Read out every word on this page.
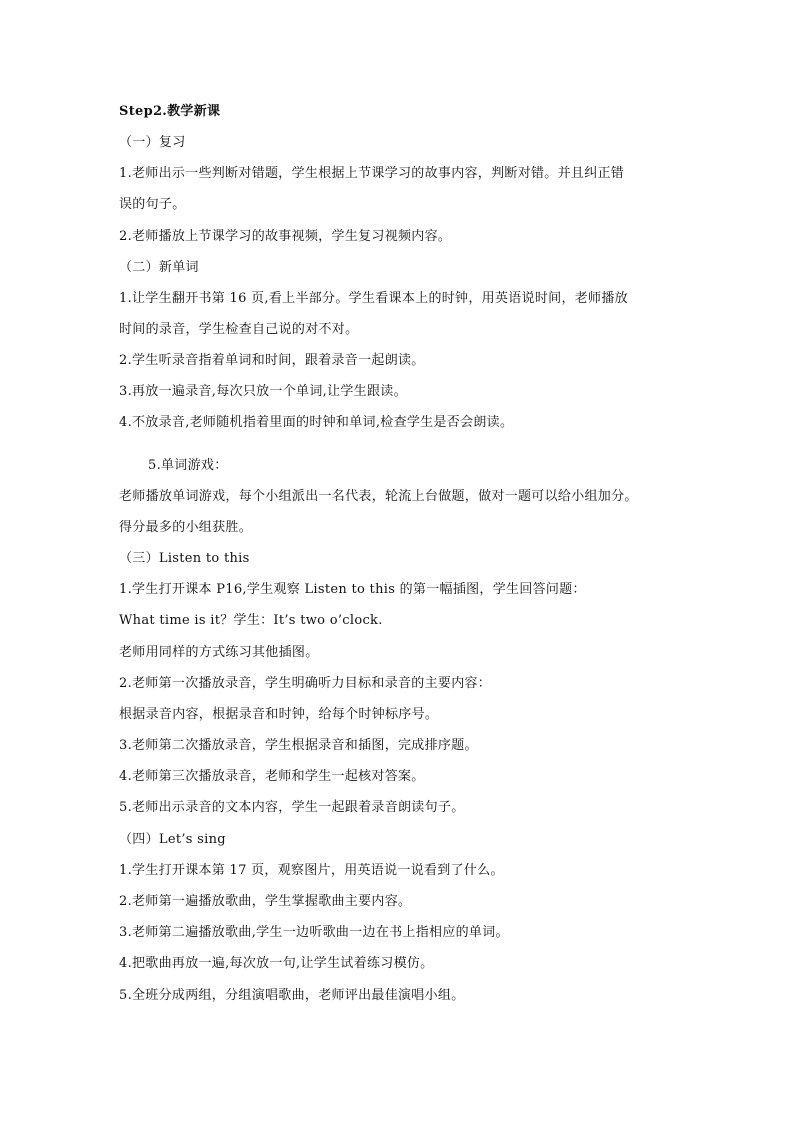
Step2.教学新课
（一）复习
1.老师出示一些判断对错题，学生根据上节课学习的故事内容，判断对错。并且纠正错
误的句子。
2.老师播放上节课学习的故事视频，学生复习视频内容。
（二）新单词
1.让学生翻开书第 16 页,看上半部分。学生看课本上的时钟，用英语说时间，老师播放
时间的录音，学生检查自己说的对不对。
2.学生听录音指着单词和时间，跟着录音一起朗读。
3.再放一遍录音,每次只放一个单词,让学生跟读。
4.不放录音,老师随机指着里面的时钟和单词,检查学生是否会朗读。
5.单词游戏：
老师播放单词游戏，每个小组派出一名代表，轮流上台做题，做对一题可以给小组加分。
得分最多的小组获胜。
（三）Listen to this
1.学生打开课本 P16,学生观察 Listen to this 的第一幅插图，学生回答问题：
What time is it？学生：It’s two o’clock.
老师用同样的方式练习其他插图。
2.老师第一次播放录音，学生明确听力目标和录音的主要内容：
根据录音内容，根据录音和时钟，给每个时钟标序号。
3.老师第二次播放录音，学生根据录音和插图，完成排序题。
4.老师第三次播放录音，老师和学生一起核对答案。
5.老师出示录音的文本内容，学生一起跟着录音朗读句子。
（四）Let’s sing
1.学生打开课本第 17 页，观察图片，用英语说一说看到了什么。
2.老师第一遍播放歌曲，学生掌握歌曲主要内容。
3.老师第二遍播放歌曲,学生一边听歌曲一边在书上指相应的单词。
4.把歌曲再放一遍,每次放一句,让学生试着练习模仿。
5.全班分成两组，分组演唱歌曲，老师评出最佳演唱小组。
